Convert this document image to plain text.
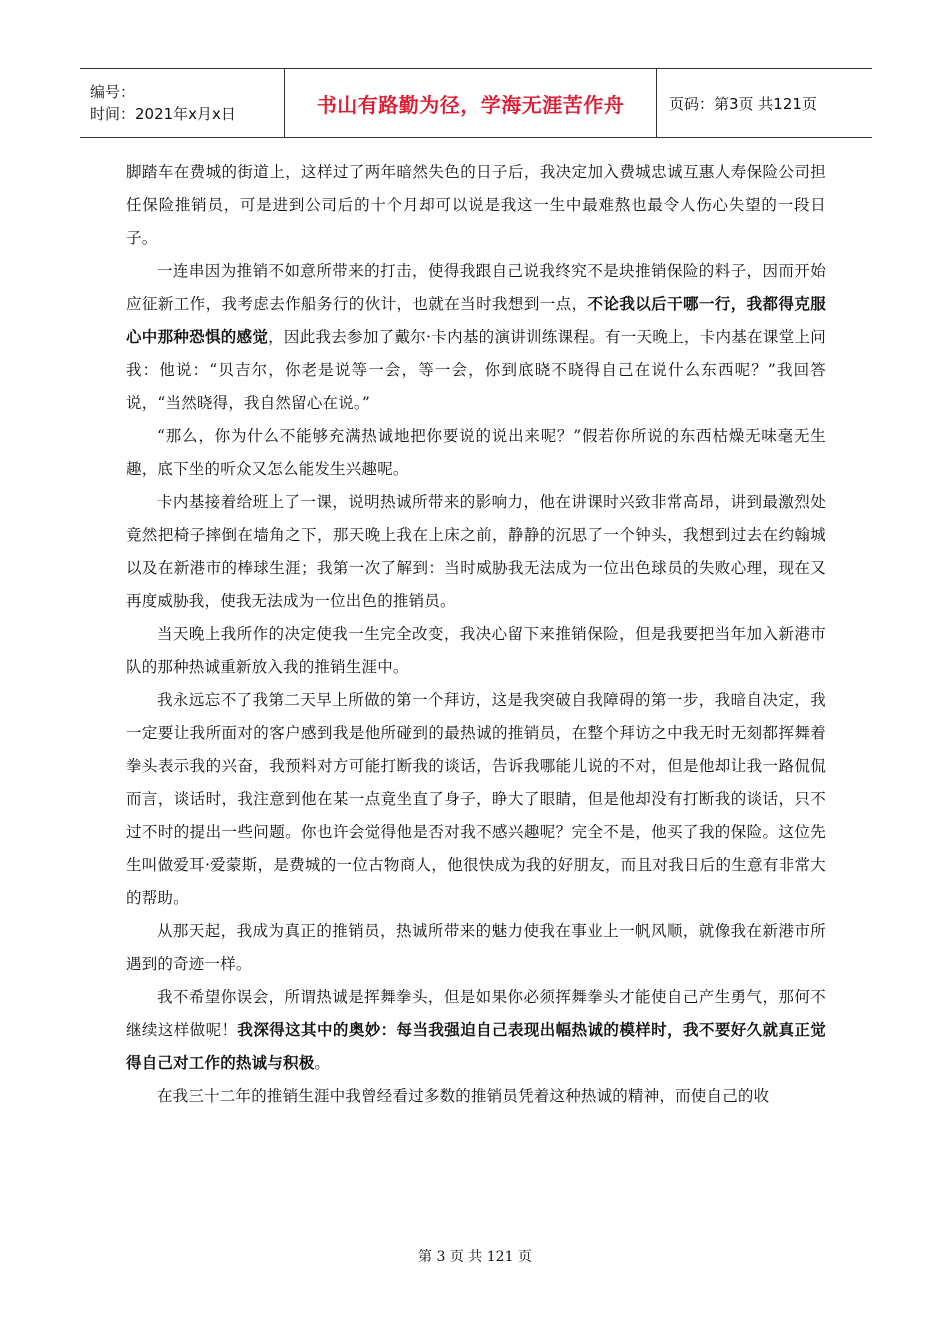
编号：
时间：2021年x月x日	书山有路勤为径，学海无涯苦作舟	页码：第3页 共121页

脚踏车在费城的街道上，这样过了两年暗然失色的日子后，我决定加入费城忠诚互惠人寿保险公司担任保险推销员，可是进到公司后的十个月却可以说是我这一生中最难熬也最令人伤心失望的一段日子。

一连串因为推销不如意所带来的打击，使得我跟自己说我终究不是块推销保险的料子，因而开始应征新工作，我考虑去作船务行的伙计，也就在当时我想到一点，不论我以后干哪一行，我都得克服心中那种恐惧的感觉，因此我去参加了戴尔·卡内基的演讲训练课程。有一天晚上，卡内基在课堂上问我：他说：“贝吉尔，你老是说等一会，等一会，你到底晓不晓得自己在说什么东西呢？”我回答说，“当然晓得，我自然留心在说。”

“那么，你为什么不能够充满热诚地把你要说的说出来呢？”假若你所说的东西枯燥无味毫无生趣，底下坐的听众又怎么能发生兴趣呢。

卡内基接着给班上了一课，说明热诚所带来的影响力，他在讲课时兴致非常高昂，讲到最激烈处竟然把椅子摔倒在墙角之下，那天晚上我在上床之前，静静的沉思了一个钟头，我想到过去在约翰城以及在新港市的棒球生涯；我第一次了解到：当时威胁我无法成为一位出色球员的失败心理，现在又再度威胁我，使我无法成为一位出色的推销员。

当天晚上我所作的决定使我一生完全改变，我决心留下来推销保险，但是我要把当年加入新港市队的那种热诚重新放入我的推销生涯中。

我永远忘不了我第二天早上所做的第一个拜访，这是我突破自我障碍的第一步，我暗自决定，我一定要让我所面对的客户感到我是他所碰到的最热诚的推销员，在整个拜访之中我无时无刻都挥舞着拳头表示我的兴奋，我预料对方可能打断我的谈话，告诉我哪能儿说的不对，但是他却让我一路侃侃而言，谈话时，我注意到他在某一点竟坐直了身子，睁大了眼睛，但是他却没有打断我的谈话，只不过不时的提出一些问题。你也许会觉得他是否对我不感兴趣呢？完全不是，他买了我的保险。这位先生叫做爱耳·爱蒙斯，是费城的一位古物商人，他很快成为我的好朋友，而且对我日后的生意有非常大的帮助。

从那天起，我成为真正的推销员，热诚所带来的魅力使我在事业上一帆风顺，就像我在新港市所遇到的奇迹一样。

我不希望你误会，所谓热诚是挥舞拳头，但是如果你必须挥舞拳头才能使自己产生勇气，那何不继续这样做呢！我深得这其中的奥妙：每当我强迫自己表现出幅热诚的模样时，我不要好久就真正觉得自己对工作的热诚与积极。

在我三十二年的推销生涯中我曾经看过多数的推销员凭着这种热诚的精神，而使自己的收

第 3 页 共 121 页
